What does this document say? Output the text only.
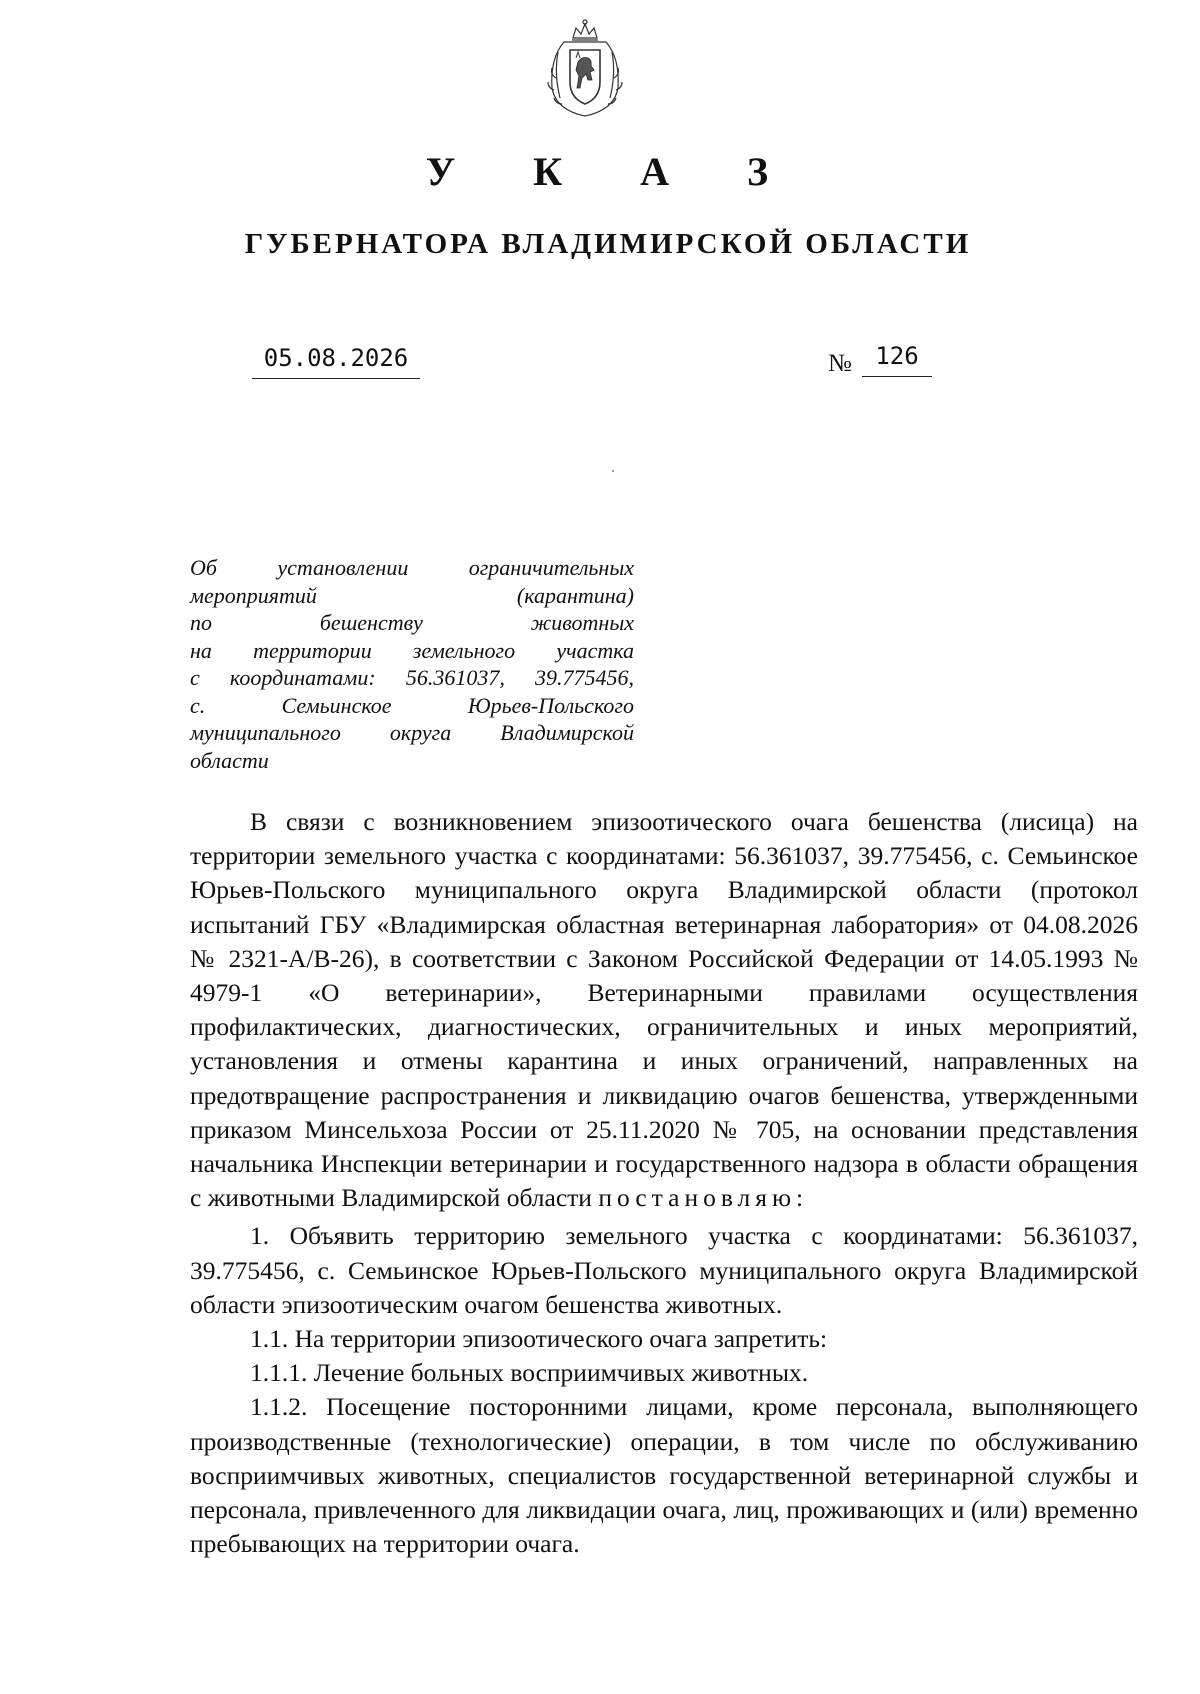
У К А З
ГУБЕРНАТОРА ВЛАДИМИРСКОЙ ОБЛАСТИ
05.08.2026	№ 126

Об установлении ограничительных

мероприятий (карантина)

по бешенству животных

на территории земельного участка

с координатами: 56.361037, 39.775456,

с. Семьинское Юрьев-Польского

муниципального округа Владимирской

области

В связи с возникновением эпизоотического очага бешенства (лисица) на территории земельного участка с координатами: 56.361037, 39.775456, с. Семьинское Юрьев-Польского муниципального округа Владимирской области (протокол испытаний ГБУ «Владимирская областная ветеринарная лаборатория» от 04.08.2026 № 2321-А/В-26), в соответствии с Законом Российской Федерации от 14.05.1993 № 4979-1 «О ветеринарии», Ветеринарными правилами осуществления профилактических, диагностических, ограничительных и иных мероприятий, установления и отмены карантина и иных ограничений, направленных на предотвращение распространения и ликвидацию очагов бешенства, утвержденными приказом Минсельхоза России от 25.11.2020 № 705, на основании представления начальника Инспекции ветеринарии и государственного надзора в области обращения с животными Владимирской области постановляю:

1. Объявить территорию земельного участка с координатами: 56.361037, 39.775456, с. Семьинское Юрьев-Польского муниципального округа Владимирской области эпизоотическим очагом бешенства животных.

1.1. На территории эпизоотического очага запретить:

1.1.1. Лечение больных восприимчивых животных.

1.1.2. Посещение посторонними лицами, кроме персонала, выполняющего производственные (технологические) операции, в том числе по обслуживанию восприимчивых животных, специалистов государственной ветеринарной службы и персонала, привлеченного для ликвидации очага, лиц, проживающих и (или) временно пребывающих на территории очага.
